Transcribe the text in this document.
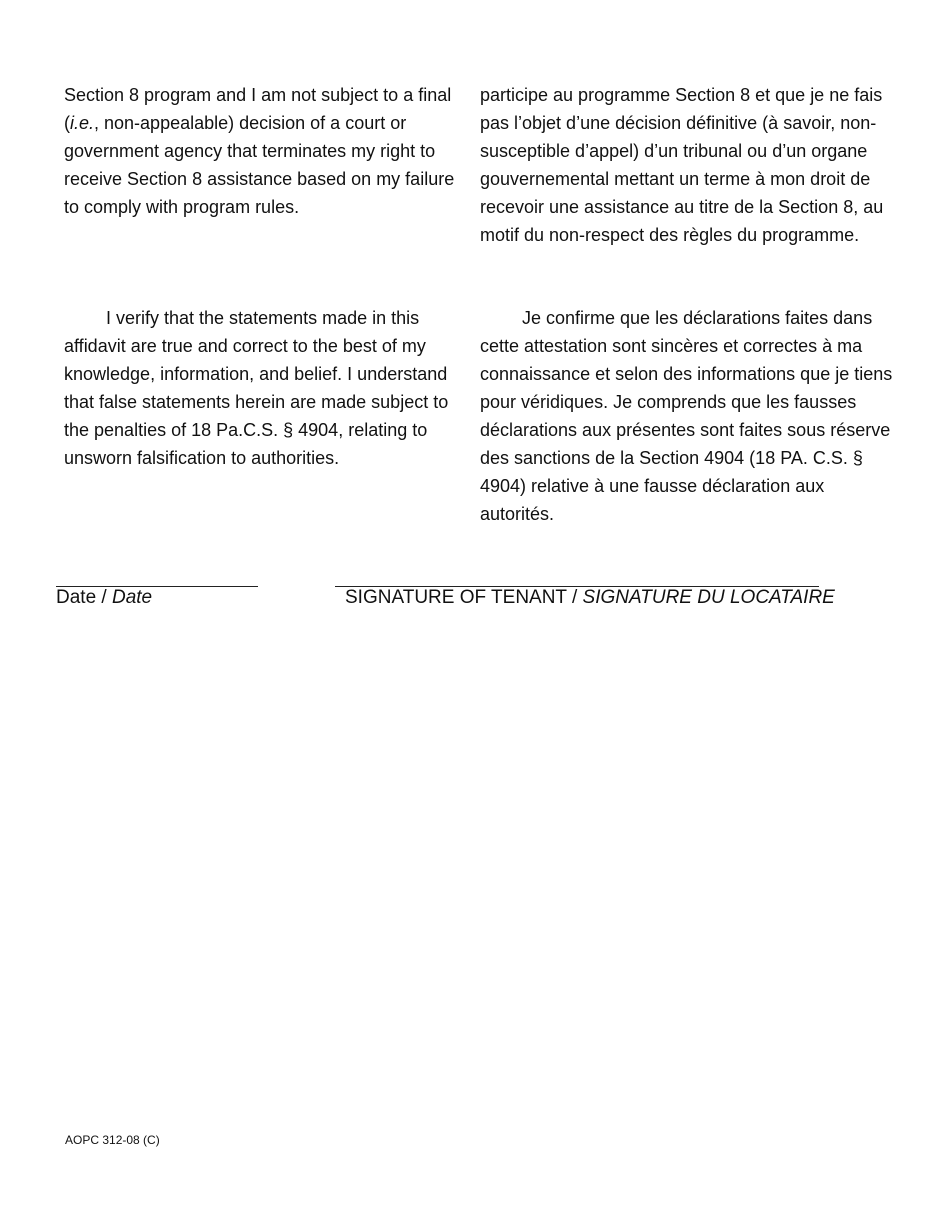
Section 8 program and I am not subject to a final (i.e., non-appealable) decision of a court or government agency that terminates my right to receive Section 8 assistance based on my failure to comply with program rules.

participe au programme Section 8 et que je ne fais pas l’objet d’une décision définitive (à savoir, non-susceptible d’appel) d’un tribunal ou d’un organe gouvernemental mettant un terme à mon droit de recevoir une assistance au titre de la Section 8, au motif du non-respect des règles du programme.

I verify that the statements made in this affidavit are true and correct to the best of my knowledge, information, and belief. I understand that false statements herein are made subject to the penalties of 18 Pa.C.S. § 4904, relating to unsworn falsification to authorities.

Je confirme que les déclarations faites dans cette attestation sont sincères et correctes à ma connaissance et selon des informations que je tiens pour véridiques. Je comprends que les fausses déclarations aux présentes sont faites sous réserve des sanctions de la Section 4904 (18 PA. C.S. § 4904) relative à une fausse déclaration aux autorités.

Date / Date	SIGNATURE OF TENANT / SIGNATURE DU LOCATAIRE
AOPC 312-08 (C)
